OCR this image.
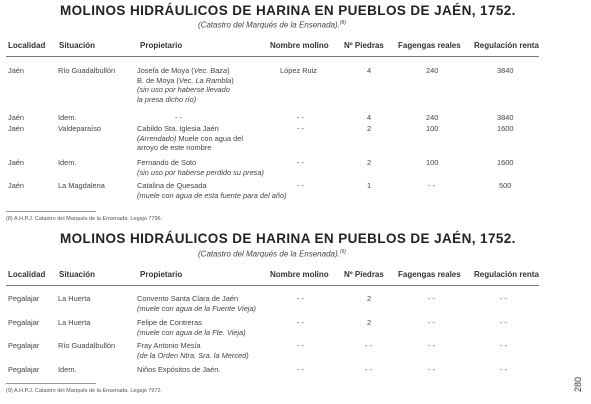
MOLINOS HIDRÁULICOS DE HARINA EN PUEBLOS DE JAÉN, 1752.
(Catastro del Marqués de la Ensenada).$^{(8)}$
Localidad Situación	Propietario	Nombre molino Nº Piedras Fagengas reales Regulación renta
Jaén	Río Guadalbullón	Josefa de Moya (Vec. Baza)
B. de Moya (Vec. La Rambla)
(sin uso por haberse llevado
la presa dicho río)
López Ruiz	4	240	3840
Jaén	Idem.	- -	- -	4	240	3840
Jaén	Valdeparaíso	Cabildo Sta. Iglesia Jaén
(Arrendado) Muele con agua del
arroyo de este nombre
- -	2	100	1600
Jaén	Idem.	Fernando de Soto
(sin uso por haberse perdido su presa)
- -	2	100	1600
Jaén	La Magdalena	Catalina de Quesada
(muele con agua de esta fuente para del año)
- -	1	- -	500
(8) A.H.P.J. Catastro del Marqués de la Ensenada. Legajo 7796.
MOLINOS HIDRÁULICOS DE HARINA EN PUEBLOS DE JAÉN, 1752.
(Catastro del Marqués de la Ensenada).$^{(9)}$
Localidad Situación	Propietario	Nombre molino Nº Piedras Fagengas reales Regulación renta
Pegalajar	La Huerta	Convento Santa Clara de Jaén
(muele con agua de la Fuente Vieja)
- -	2	- -	- -
Pegalajar	La Huerta	Felipe de Contreras
(muele con agua de la Fte. Vieja)
- -	2	- -	- -
Pegalajar	Río Guadalbullón	Fray Antonio Mesía
(de la Orden Ntra. Sra. la Merced)
- -	- -	- -	- -
Pegalajar	Idem.	Niños Expósitos de Jaén.	- -	- -	- -	- -
(9) A.H.P.J. Catastro del Marqués de la Ensenada. Legajo 7972.	280
